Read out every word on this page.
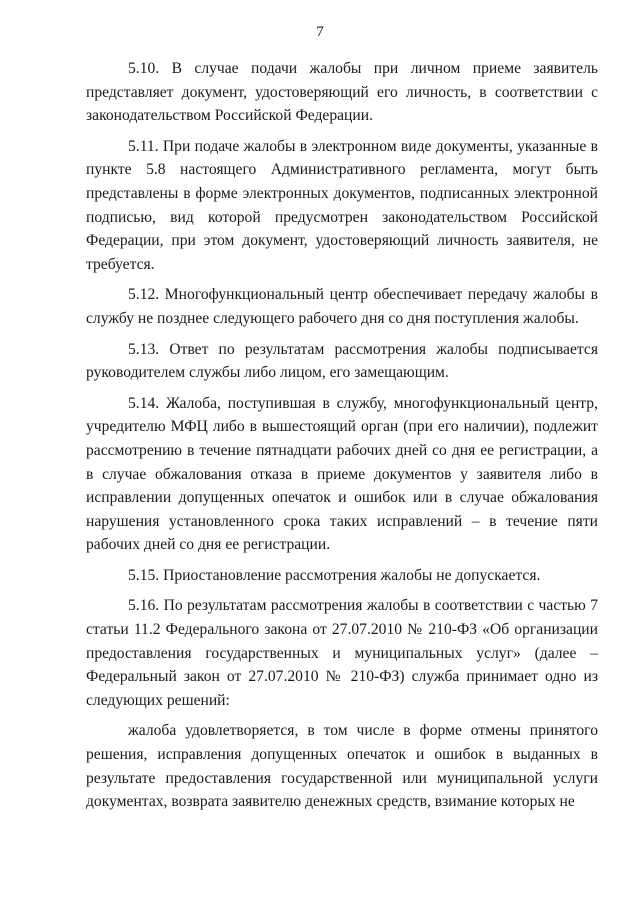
7

5.10. В случае подачи жалобы при личном приеме заявитель представляет документ, удостоверяющий его личность, в соответствии с законодательством Российской Федерации.

5.11. При подаче жалобы в электронном виде документы, указанные в пункте 5.8 настоящего Административного регламента, могут быть представлены в форме электронных документов, подписанных электронной подписью, вид которой предусмотрен законодательством Российской Федерации, при этом документ, удостоверяющий личность заявителя, не требуется.

5.12. Многофункциональный центр обеспечивает передачу жалобы в службу не позднее следующего рабочего дня со дня поступления жалобы.

5.13. Ответ по результатам рассмотрения жалобы подписывается руководителем службы либо лицом, его замещающим.

5.14. Жалоба, поступившая в службу, многофункциональный центр, учредителю МФЦ либо в вышестоящий орган (при его наличии), подлежит рассмотрению в течение пятнадцати рабочих дней со дня ее регистрации, а в случае обжалования отказа в приеме документов у заявителя либо в исправлении допущенных опечаток и ошибок или в случае обжалования нарушения установленного срока таких исправлений – в течение пяти рабочих дней со дня ее регистрации.

5.15. Приостановление рассмотрения жалобы не допускается.

5.16. По результатам рассмотрения жалобы в соответствии с частью 7 статьи 11.2 Федерального закона от 27.07.2010 № 210-ФЗ «Об организации предоставления государственных и муниципальных услуг» (далее – Федеральный закон от 27.07.2010 № 210-ФЗ) служба принимает одно из следующих решений:

жалоба удовлетворяется, в том числе в форме отмены принятого решения, исправления допущенных опечаток и ошибок в выданных в результате предоставления государственной или муниципальной услуги документах, возврата заявителю денежных средств, взимание которых не
